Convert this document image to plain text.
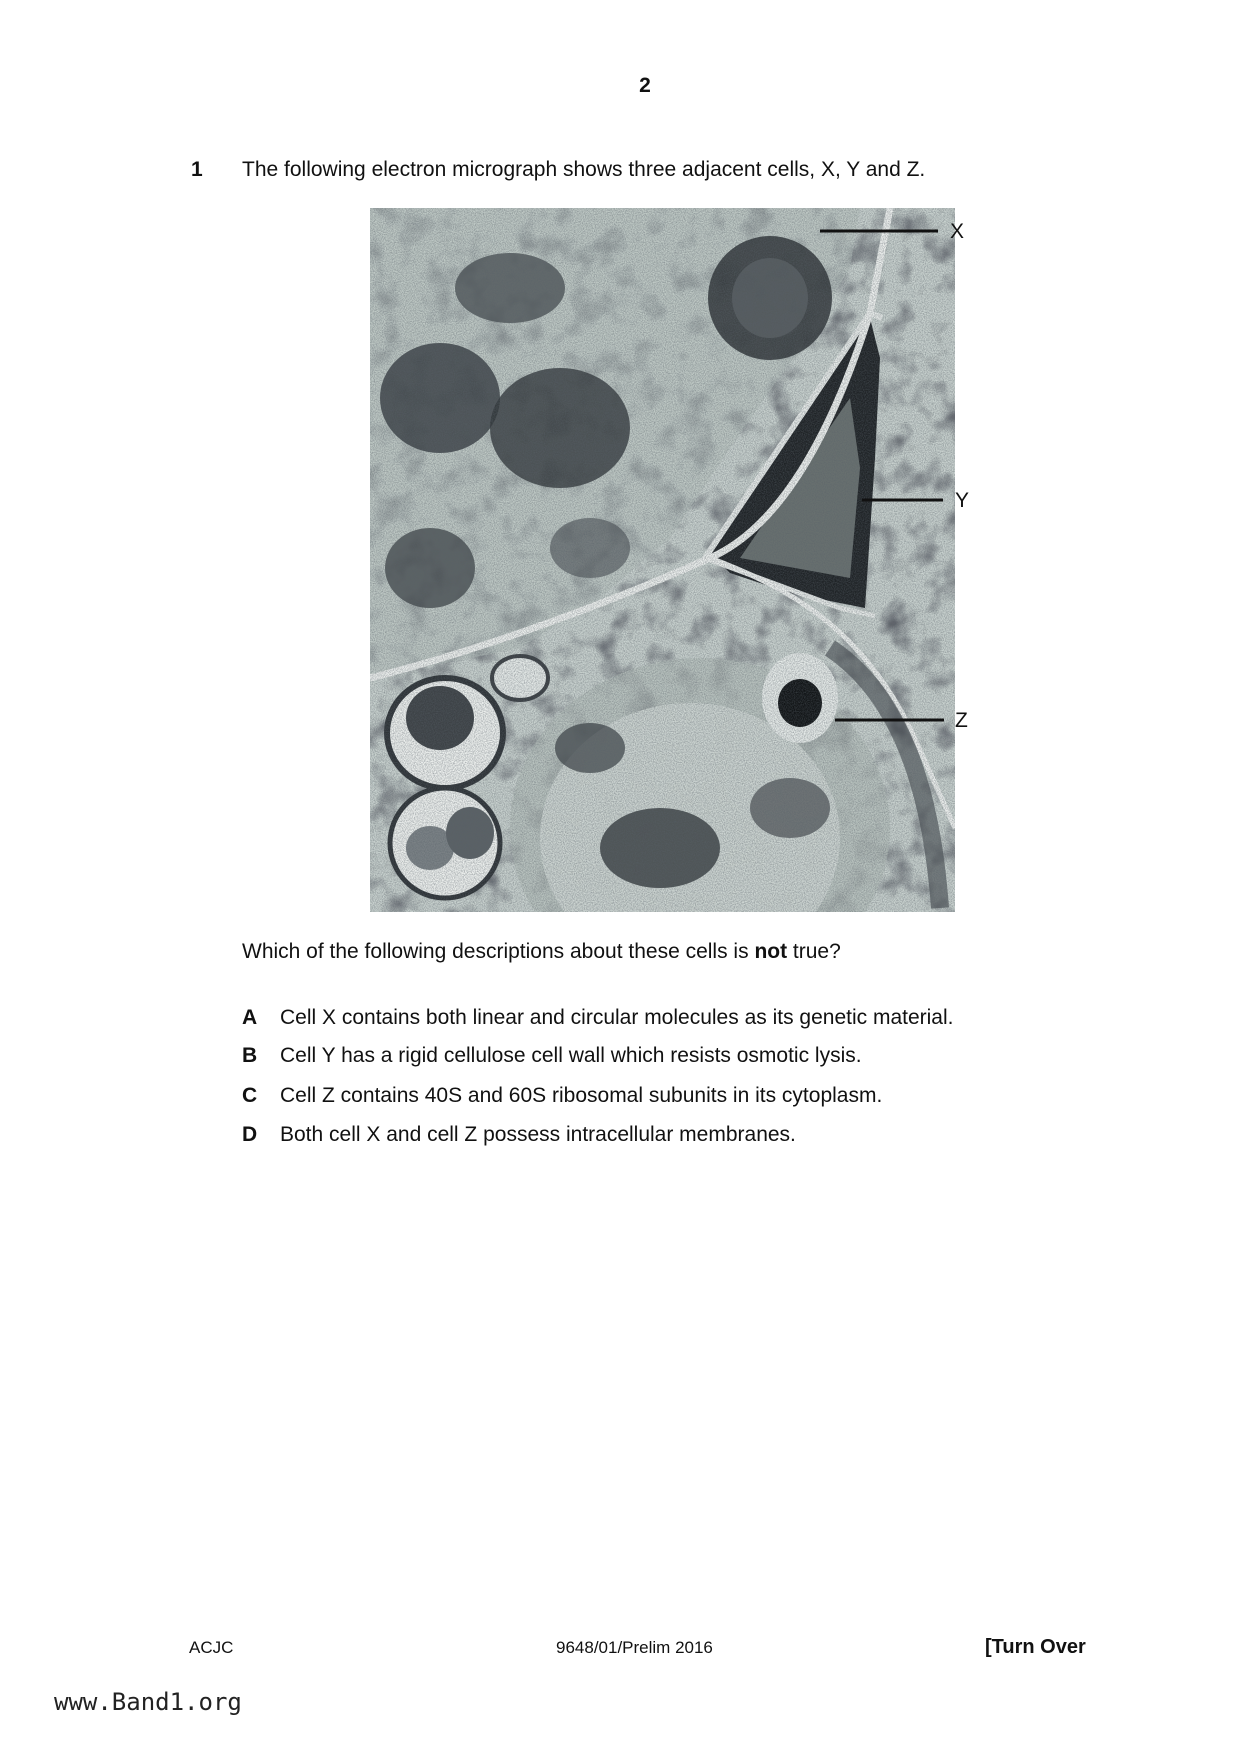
2
1 The following electron micrograph shows three adjacent cells, X, Y and Z.
X
Y
Z
Which of the following descriptions about these cells is not true?
A	Cell X contains both linear and circular molecules as its genetic material.
B	Cell Y has a rigid cellulose cell wall which resists osmotic lysis.
C	Cell Z contains 40S and 60S ribosomal subunits in its cytoplasm.
D	Both cell X and cell Z possess intracellular membranes.
ACJC	9648/01/Prelim 2016	[Turn Over
www.Band1.org
